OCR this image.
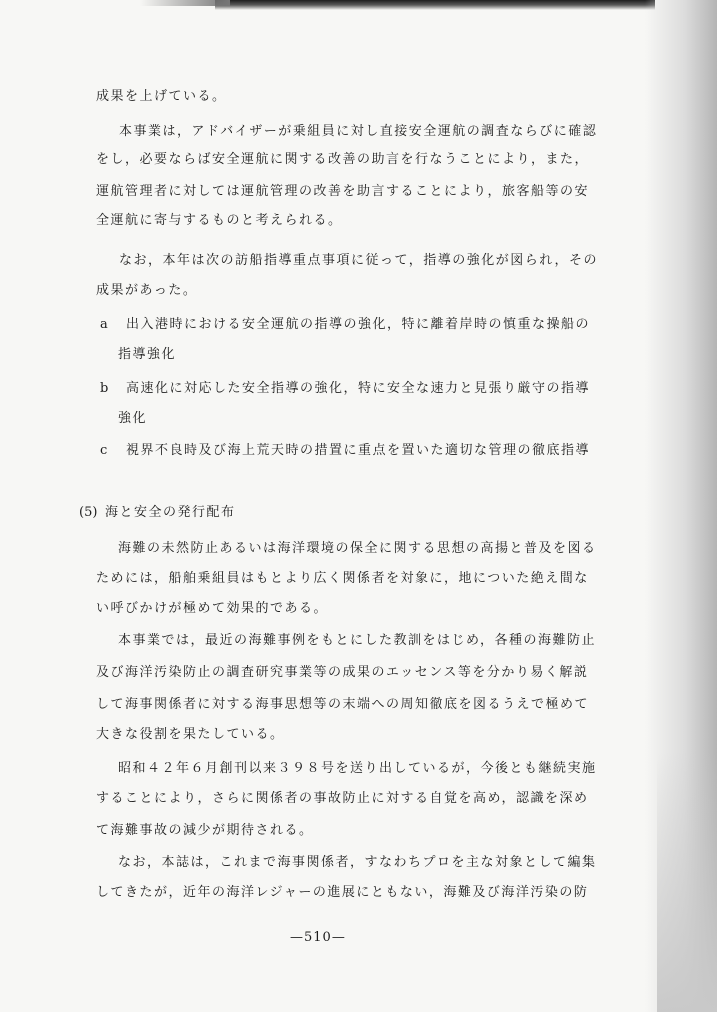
成果を上げている。

本事業は，アドバイザーが乗組員に対し直接安全運航の調査ならびに確認

をし，必要ならば安全運航に関する改善の助言を行なうことにより，また，

運航管理者に対しては運航管理の改善を助言することにより，旅客船等の安

全運航に寄与するものと考えられる。

なお，本年は次の訪船指導重点事項に従って，指導の強化が図られ，その

成果があった。

a 出入港時における安全運航の指導の強化，特に離着岸時の慎重な操船の

指導強化

b 高速化に対応した安全指導の強化，特に安全な速力と見張り厳守の指導

強化

c 視界不良時及び海上荒天時の措置に重点を置いた適切な管理の徹底指導

(5) 海と安全の発行配布

海難の未然防止あるいは海洋環境の保全に関する思想の高揚と普及を図る

ためには，船舶乗組員はもとより広く関係者を対象に，地についた絶え間な

い呼びかけが極めて効果的である。

本事業では，最近の海難事例をもとにした教訓をはじめ，各種の海難防止

及び海洋汚染防止の調査研究事業等の成果のエッセンス等を分かり易く解説

して海事関係者に対する海事思想等の末端への周知徹底を図るうえで極めて

大きな役割を果たしている。

昭和４２年６月創刊以来３９８号を送り出しているが，今後とも継続実施

することにより，さらに関係者の事故防止に対する自覚を高め，認識を深め

て海難事故の減少が期待される。

なお，本誌は，これまで海事関係者，すなわちプロを主な対象として編集

してきたが，近年の海洋レジャーの進展にともない，海難及び海洋汚染の防

—510—
